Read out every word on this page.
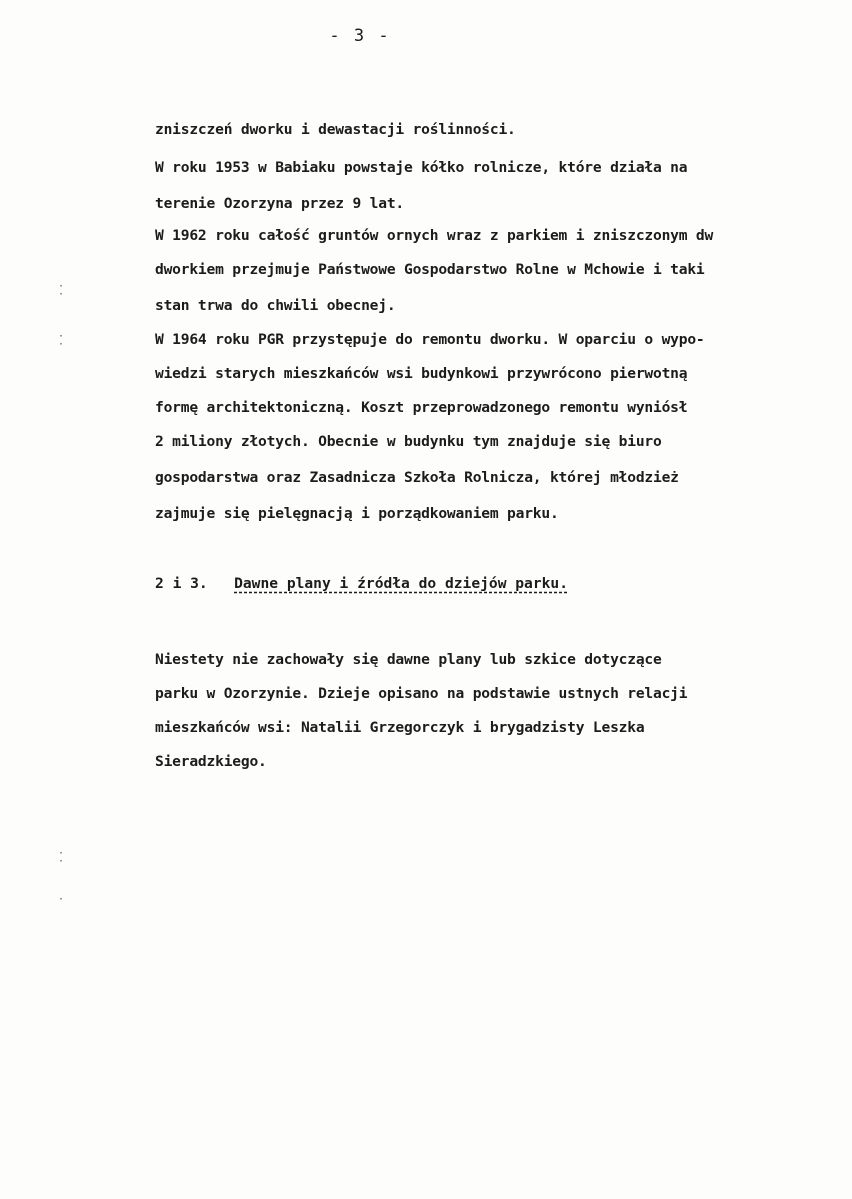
- 3 -
·
·
·
·
·
·
·
zniszczeń dworku i dewastacji roślinności.
W roku 1953 w Babiaku powstaje kółko rolnicze, które działa na
terenie Ozorzyna przez 9 lat.
W 1962 roku całość gruntów ornych wraz z parkiem i zniszczonym dw
dworkiem przejmuje Państwowe Gospodarstwo Rolne w Mchowie i taki
stan trwa do chwili obecnej.
W 1964 roku PGR przystępuje do remontu dworku. W oparciu o wypo-
wiedzi starych mieszkańców wsi budynkowi przywrócono pierwotną
formę architektoniczną. Koszt przeprowadzonego remontu wyniósł
2 miliony złotych. Obecnie w budynku tym znajduje się biuro
gospodarstwa oraz Zasadnicza Szkoła Rolnicza, której młodzież
zajmuje się pielęgnacją i porządkowaniem parku.
2 i 3. Dawne plany i źródła do dziejów parku.
Niestety nie zachowały się dawne plany lub szkice dotyczące
parku w Ozorzynie. Dzieje opisano na podstawie ustnych relacji
mieszkańców wsi: Natalii Grzegorczyk i brygadzisty Leszka
Sieradzkiego.
